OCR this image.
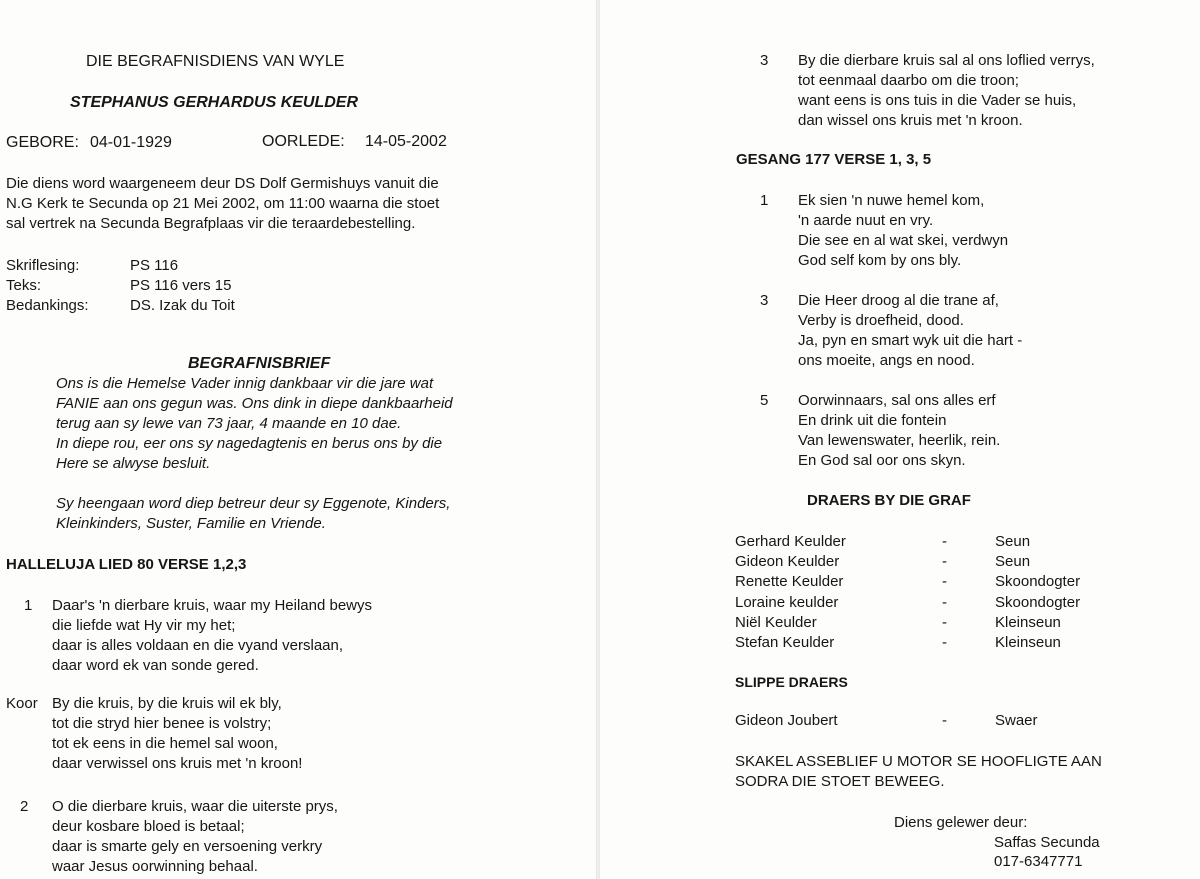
DIE BEGRAFNISDIENS VAN WYLE
STEPHANUS GERHARDUS KEULDER
GEBORE: 04-01-1929	OORLEDE: 14-05-2002
Die diens word waargeneem deur DS Dolf Germishuys vanuit die
N.G Kerk te Secunda op 21 Mei 2002, om 11:00 waarna die stoet
sal vertrek na Secunda Begrafplaas vir die teraardebestelling.
Skriflesing:	PS 116
Teks:	PS 116 vers 15
Bedankings:	DS. Izak du Toit
BEGRAFNISBRIEF
Ons is die Hemelse Vader innig dankbaar vir die jare wat
FANIE aan ons gegun was. Ons dink in diepe dankbaarheid
terug aan sy lewe van 73 jaar, 4 maande en 10 dae.
In diepe rou, eer ons sy nagedagtenis en berus ons by die
Here se alwyse besluit.
Sy heengaan word diep betreur deur sy Eggenote, Kinders,
Kleinkinders, Suster, Familie en Vriende.
HALLELUJA LIED 80 VERSE 1,2,3
1 Daar's 'n dierbare kruis, waar my Heiland bewys
die liefde wat Hy vir my het;
daar is alles voldaan en die vyand verslaan,
daar word ek van sonde gered.
Koor By die kruis, by die kruis wil ek bly,
tot die stryd hier benee is volstry;
tot ek eens in die hemel sal woon,
daar verwissel ons kruis met 'n kroon!
2 O die dierbare kruis, waar die uiterste prys,
deur kosbare bloed is betaal;
daar is smarte gely en versoening verkry
waar Jesus oorwinning behaal.
3 By die dierbare kruis sal al ons loflied verrys,
tot eenmaal daarbo om die troon;
want eens is ons tuis in die Vader se huis,
dan wissel ons kruis met 'n kroon.
GESANG 177 VERSE 1, 3, 5
1 Ek sien 'n nuwe hemel kom,
'n aarde nuut en vry.
Die see en al wat skei, verdwyn
God self kom by ons bly.
3 Die Heer droog al die trane af,
Verby is droefheid, dood.
Ja, pyn en smart wyk uit die hart -
ons moeite, angs en nood.
5 Oorwinnaars, sal ons alles erf
En drink uit die fontein
Van lewenswater, heerlik, rein.
En God sal oor ons skyn.
DRAERS BY DIE GRAF
Gerhard Keulder	-	Seun
Gideon Keulder	-	Seun
Renette Keulder	-	Skoondogter
Loraine keulder	-	Skoondogter
Niël Keulder	-	Kleinseun
Stefan Keulder	-	Kleinseun
SLIPPE DRAERS
Gideon Joubert	-	Swaer
SKAKEL ASSEBLIEF U MOTOR SE HOOFLIGTE AAN
SODRA DIE STOET BEWEEG.
Diens gelewer deur:
Saffas Secunda
017-6347771
